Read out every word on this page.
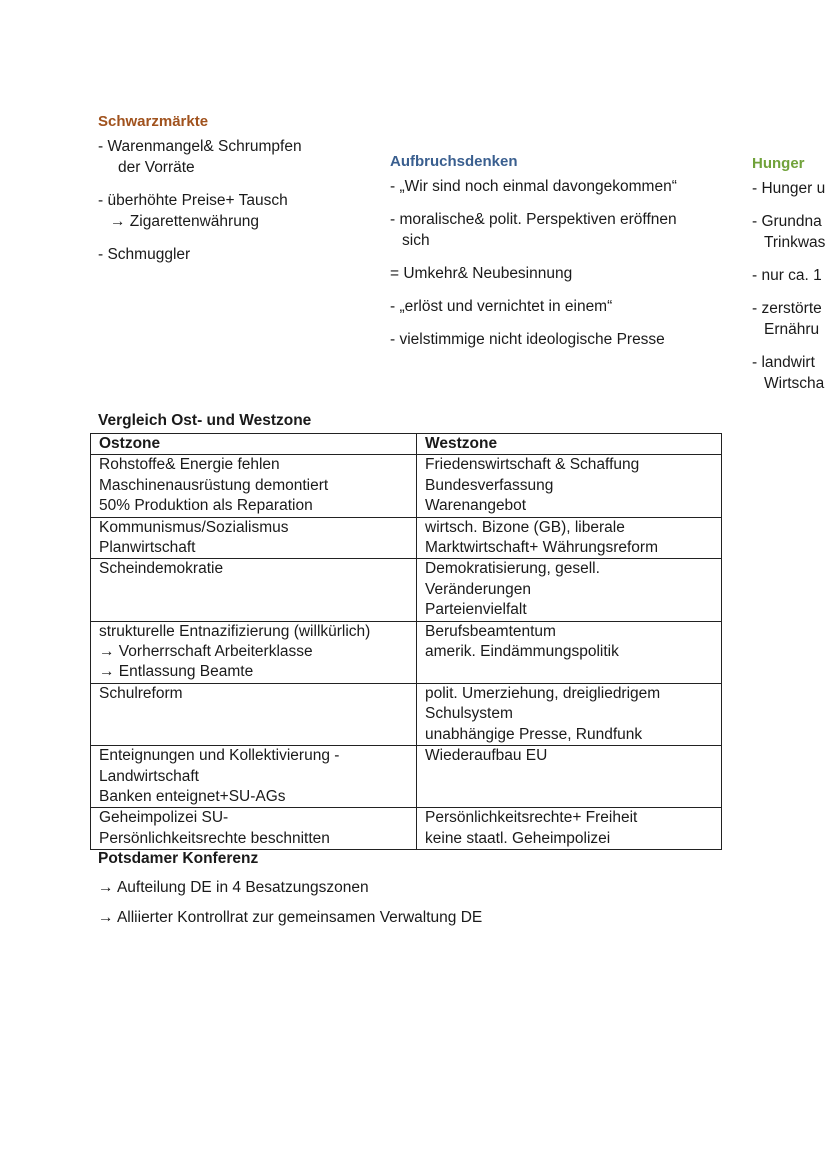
Schwarzmärkte

- Warenmangel& Schrumpfen
der Vorräte

- überhöhte Preise+ Tausch
→ Zigarettenwährung

- Schmuggler

Aufbruchsdenken

- „Wir sind noch einmal davongekommen“

- moralische& polit. Perspektiven eröffnen
sich

= Umkehr& Neubesinnung

- „erlöst und vernichtet in einem“

- vielstimmige nicht ideologische Presse

Hunger

- Hunger u

- Grundna
Trinkwas

- nur ca. 1

- zerstörte
Ernähru

- landwirt
Wirtscha

Vergleich Ost- und Westzone
Ostzone	Westzone

Rohstoffe& Energie fehlen
Maschinenausrüstung demontiert
50% Produktion als Reparation	Friedenswirtschaft & Schaffung
Bundesverfassung
Warenangebot

Kommunismus/Sozialismus
Planwirtschaft	wirtsch. Bizone (GB), liberale
Marktwirtschaft+ Währungsreform

Scheindemokratie	Demokratisierung, gesell.
Veränderungen
Parteienvielfalt

strukturelle Entnazifizierung (willkürlich)
→ Vorherrschaft Arbeiterklasse
→ Entlassung Beamte	Berufsbeamtentum
amerik. Eindämmungspolitik

Schulreform	polit. Umerziehung, dreigliedrigem
Schulsystem
unabhängige Presse, Rundfunk

Enteignungen und Kollektivierung -
Landwirtschaft
Banken enteignet+SU-AGs	Wiederaufbau EU

Geheimpolizei SU-
Persönlichkeitsrechte beschnitten	Persönlichkeitsrechte+ Freiheit
keine staatl. Geheimpolizei
Potsdamer Konferenz

→ Aufteilung DE in 4 Besatzungszonen

→ Alliierter Kontrollrat zur gemeinsamen Verwaltung DE
